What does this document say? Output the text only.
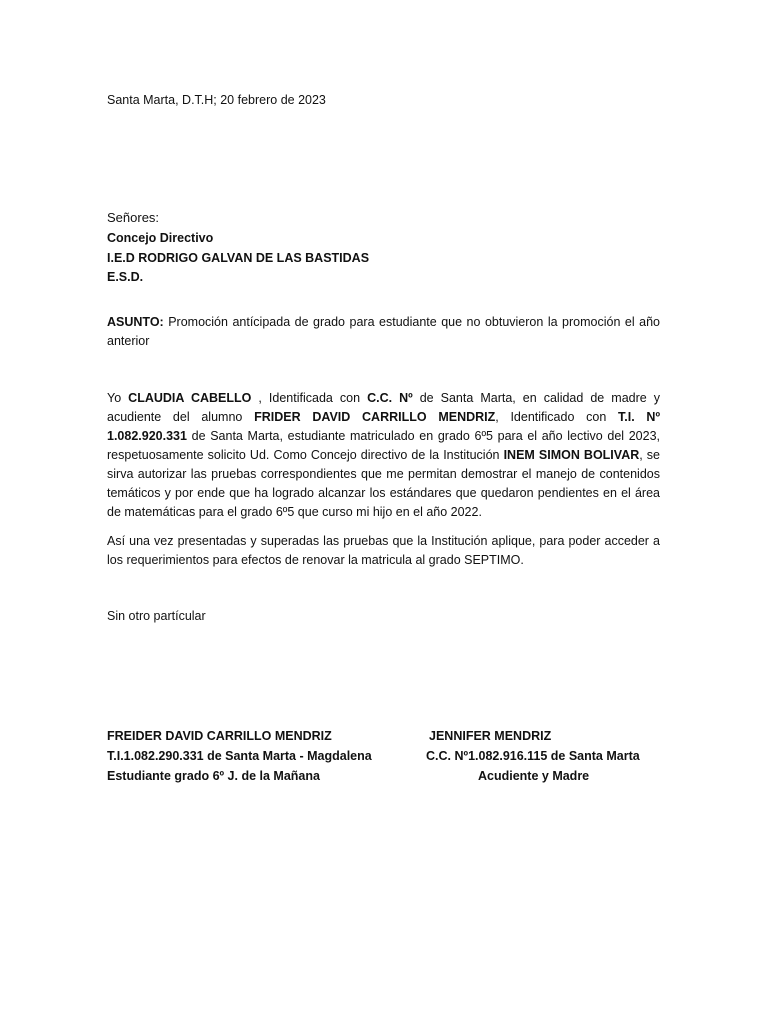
Santa Marta, D.T.H; 20 febrero de 2023
Señores:
Concejo Directivo
I.E.D RODRIGO GALVAN DE LAS BASTIDAS
E.S.D.
ASUNTO: Promoción antícipada de grado para estudiante que no obtuvieron la promoción el año anterior
Yo CLAUDIA CABELLO , Identificada con C.C. Nº de Santa Marta, en calidad de madre y acudiente del alumno FRIDER DAVID CARRILLO MENDRIZ, Identificado con T.I. Nº 1.082.920.331 de Santa Marta, estudiante matriculado en grado 6º5 para el año lectivo del 2023, respetuosamente solicito Ud. Como Concejo directivo de la Institución INEM SIMON BOLIVAR, se sirva autorizar las pruebas correspondientes que me permitan demostrar el manejo de contenidos temáticos y por ende que ha logrado alcanzar los estándares que quedaron pendientes en el área de matemáticas para el grado 6º5 que curso mi hijo en el año 2022.
Así una vez presentadas y superadas las pruebas que la Institución aplique, para poder acceder a los requerimientos para efectos de renovar la matricula al grado SEPTIMO.
Sin otro partícular
FREIDER DAVID CARRILLO MENDRIZ
T.I.1.082.290.331 de Santa Marta - Magdalena
Estudiante grado 6º J. de la Mañana
JENNIFER MENDRIZ
C.C. Nº1.082.916.115 de Santa Marta
Acudiente y Madre
